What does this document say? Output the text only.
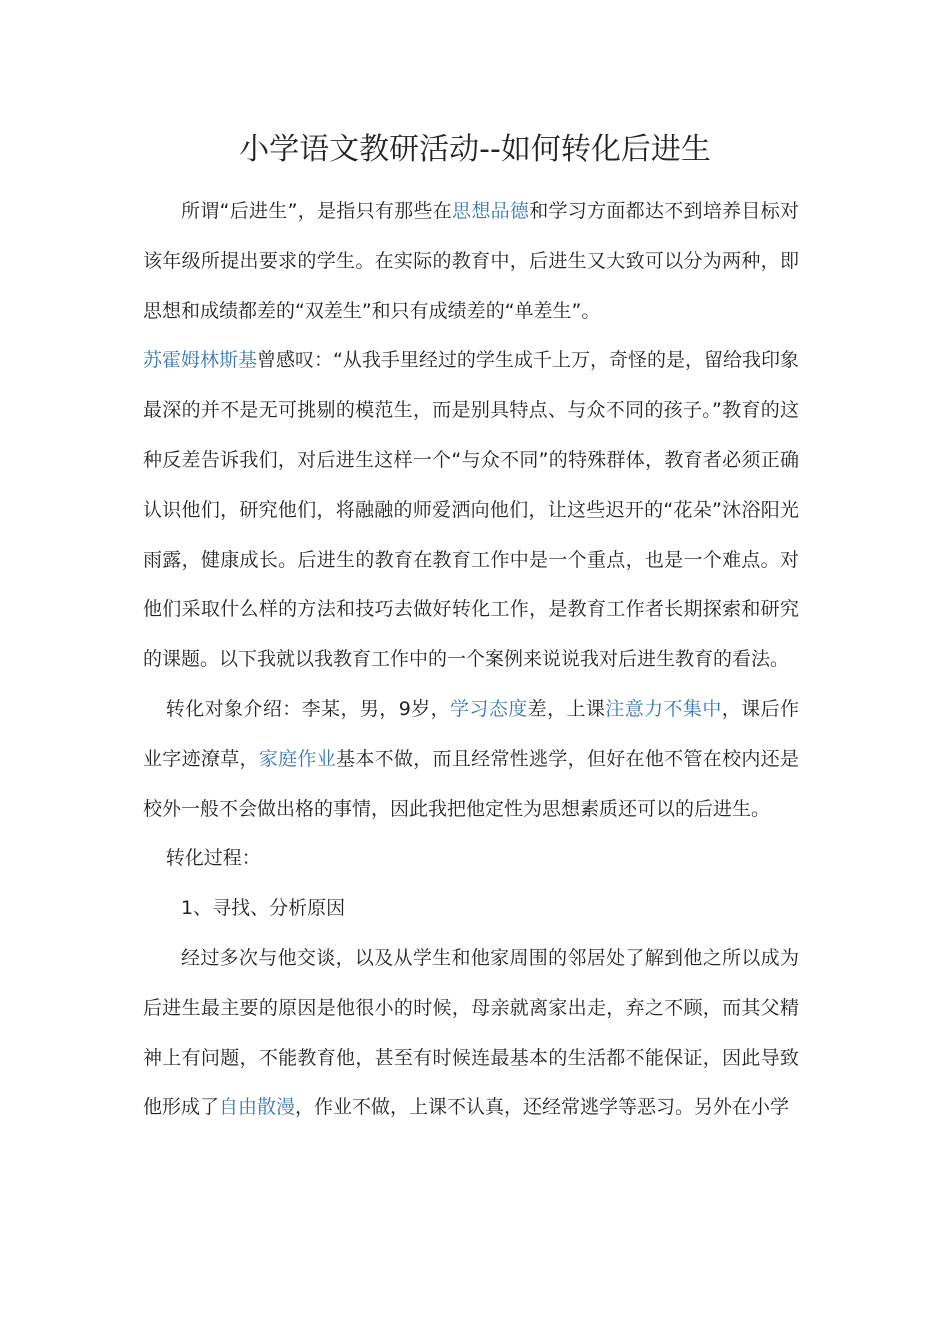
小学语文教研活动--如何转化后进生

所谓“后进生”，是指只有那些在思想品德和学习方面都达不到培养目标对该年级所提出要求的学生。在实际的教育中，后进生又大致可以分为两种，即思想和成绩都差的“双差生”和只有成绩差的“单差生”。

苏霍姆林斯基曾感叹：“从我手里经过的学生成千上万，奇怪的是，留给我印象最深的并不是无可挑剔的模范生，而是别具特点、与众不同的孩子。”教育的这种反差告诉我们，对后进生这样一个“与众不同”的特殊群体，教育者必须正确认识他们，研究他们，将融融的师爱洒向他们，让这些迟开的“花朵”沐浴阳光雨露，健康成长。后进生的教育在教育工作中是一个重点，也是一个难点。对他们采取什么样的方法和技巧去做好转化工作，是教育工作者长期探索和研究的课题。以下我就以我教育工作中的一个案例来说说我对后进生教育的看法。

转化对象介绍：李某，男，9岁，学习态度差，上课注意力不集中，课后作业字迹潦草，家庭作业基本不做，而且经常性逃学，但好在他不管在校内还是校外一般不会做出格的事情，因此我把他定性为思想素质还可以的后进生。

转化过程：

1、寻找、分析原因

经过多次与他交谈，以及从学生和他家周围的邻居处了解到他之所以成为后进生最主要的原因是他很小的时候，母亲就离家出走，弃之不顾，而其父精神上有问题，不能教育他，甚至有时候连最基本的生活都不能保证，因此导致他形成了自由散漫，作业不做，上课不认真，还经常逃学等恶习。另外在小学
